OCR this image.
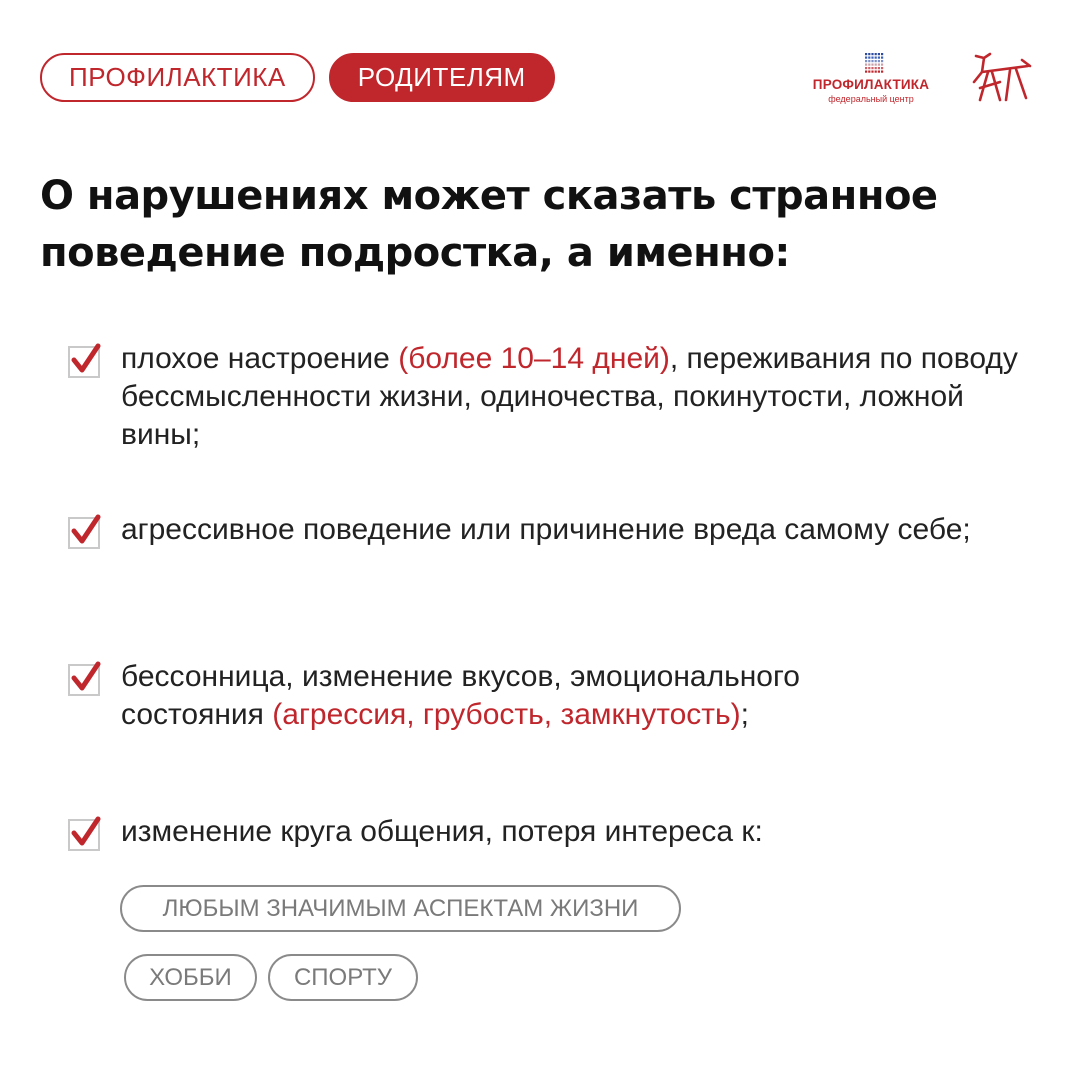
ПРОФИЛАКТИКА	РОДИТЕЛЯМ	ПРОФИЛАКТИКА
федеральный центр
О нарушениях может сказать странное поведение подростка, а именно:
плохое настроение (более 10–14 дней), переживания по поводу бессмысленности жизни, одиночества, покинутости, ложной вины;
агрессивное поведение или причинение вреда самому себе;
бессонница, изменение вкусов, эмоционального состояния (агрессия, грубость, замкнутость);
изменение круга общения, потеря интереса к:
ЛЮБЫМ ЗНАЧИМЫМ АСПЕКТАМ ЖИЗНИ
ХОББИ	СПОРТУ
